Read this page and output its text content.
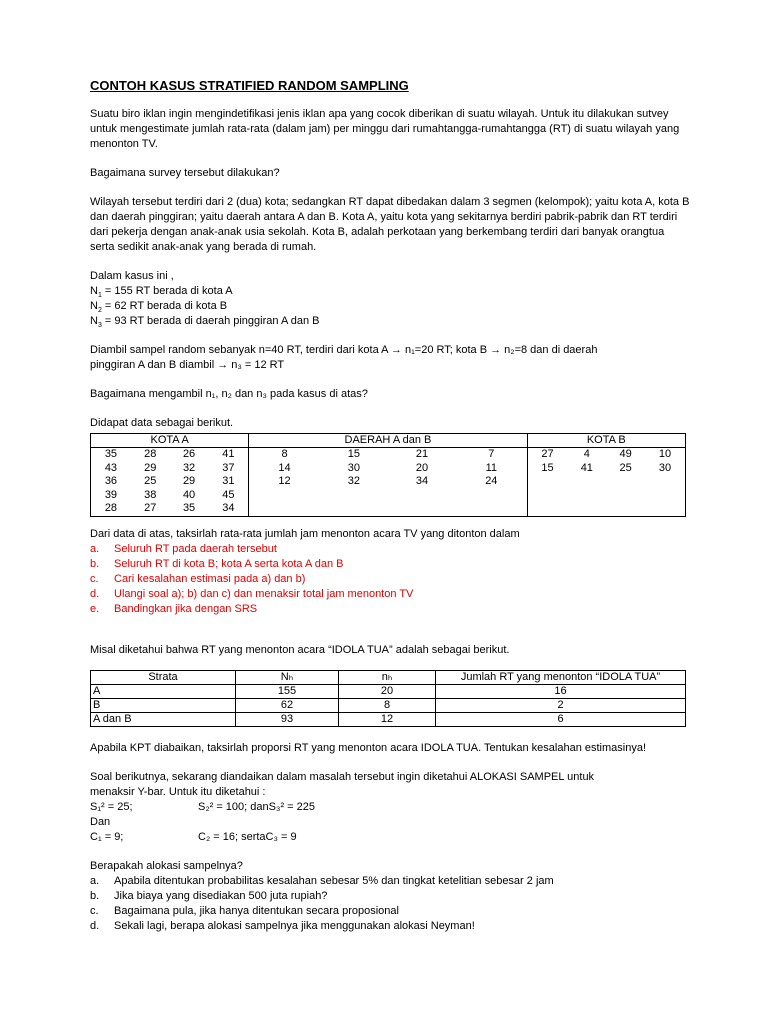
CONTOH KASUS STRATIFIED RANDOM SAMPLING

Suatu biro iklan ingin mengindetifikasi jenis iklan apa yang cocok diberikan di suatu wilayah. Untuk itu dilakukan sutvey untuk mengestimate jumlah rata-rata (dalam jam) per minggu dari rumahtangga-rumahtangga (RT) di suatu wilayah yang menonton TV.

Bagaimana survey tersebut dilakukan?

Wilayah tersebut terdiri dari 2 (dua) kota; sedangkan RT dapat dibedakan dalam 3 segmen (kelompok); yaitu kota A, kota B dan daerah pinggiran; yaitu daerah antara A dan B. Kota A, yaitu kota yang sekitarnya berdiri pabrik-pabrik dan RT terdiri dari pekerja dengan anak-anak usia sekolah. Kota B, adalah perkotaan yang berkembang terdiri dari banyak orangtua serta sedikit anak-anak yang berada di rumah.

Dalam kasus ini ,
$N_1 = 155$ RT berada di kota A
$N_2 = 62$ RT berada di kota B
$N_3 = 93$ RT berada di daerah pinggiran A dan B
Diambil sampel random sebanyak n=40 RT, terdiri dari kota A → n₁=20 RT; kota B → n₂=8 dan di daerah
pinggiran A dan B diambil → n₃ = 12 RT

Bagaimana mengambil n₁, n₂ dan n₃ pada kasus di atas?

Didapat data sebagai berikut.
KOTA A				DAERAH A dan B				KOTA B			
35	28	26	41	8	15	21	7	27	4	49	10
43	29	32	37	14	30	20	11	15	41	25	30
36	25	29	31	12	32	34	24				
39	38	40	45								
28	27	35	34								
Dari data di atas, taksirlah rata-rata jumlah jam menonton acara TV yang ditonton dalam
a.	Seluruh RT pada daerah tersebut
b.	Seluruh RT di kota B; kota A serta kota A dan B
c.	Cari kesalahan estimasi pada a) dan b)
d.	Ulangi soal a); b) dan c) dan menaksir total jam menonton TV
e.	Bandingkan jika dengan SRS
Misal diketahui bahwa RT yang menonton acara “IDOLA TUA” adalah sebagai berikut.
Strata	Nₕ	nₕ	Jumlah RT yang menonton “IDOLA TUA”
A	155	20	16
B	62	8	2
A dan B	93	12	6

Apabila KPT diabaikan, taksirlah proporsi RT yang menonton acara IDOLA TUA. Tentukan kesalahan estimasinya!

Soal berikutnya, sekarang diandaikan dalam masalah tersebut ingin diketahui ALOKASI SAMPEL untuk
menaksir Y-bar. Untuk itu diketahui :
S₁² = 25;	S₂² = 100; danS₃² = 225
Dan
C₁ = 9;	C₂ = 16; sertaC₃ = 9
Berapakah alokasi sampelnya?
a. Apabila ditentukan probabilitas kesalahan sebesar 5% dan tingkat ketelitian sebesar 2 jam
b. Jika biaya yang disediakan 500 juta rupiah?
c. Bagaimana pula, jika hanya ditentukan secara proposional
d. Sekali lagi, berapa alokasi sampelnya jika menggunakan alokasi Neyman!
